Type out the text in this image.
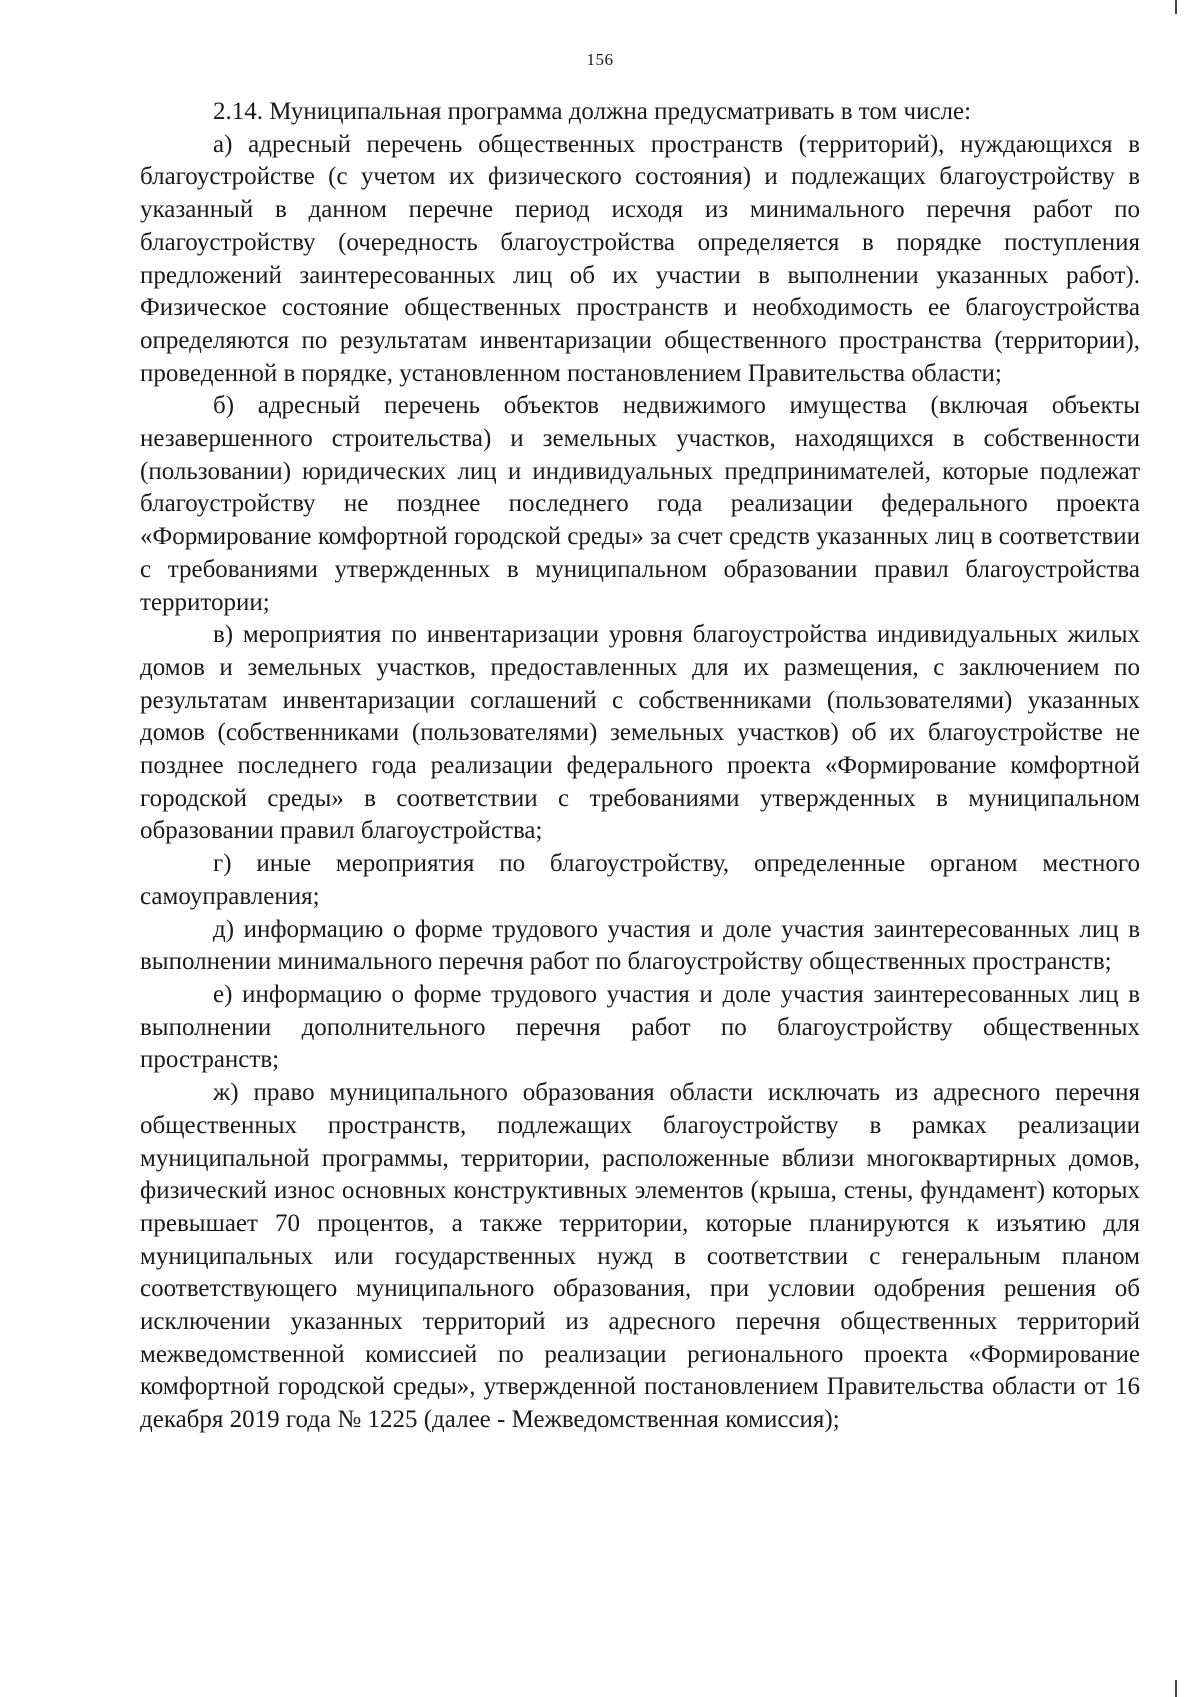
156

2.14. Муниципальная программа должна предусматривать в том числе:

а) адресный перечень общественных пространств (территорий), нуждающихся в благоустройстве (с учетом их физического состояния) и подлежащих благоустройству в указанный в данном перечне период исходя из минимального перечня работ по благоустройству (очередность благоустройства определяется в порядке поступления предложений заинтересованных лиц об их участии в выполнении указанных работ). Физическое состояние общественных пространств и необходимость ее благоустройства определяются по результатам инвентаризации общественного пространства (территории), проведенной в порядке, установленном постановлением Правительства области;

б) адресный перечень объектов недвижимого имущества (включая объекты незавершенного строительства) и земельных участков, находящихся в собственности (пользовании) юридических лиц и индивидуальных предпринимателей, которые подлежат благоустройству не позднее последнего года реализации федерального проекта «Формирование комфортной городской среды» за счет средств указанных лиц в соответствии с требованиями утвержденных в муниципальном образовании правил благоустройства территории;

в) мероприятия по инвентаризации уровня благоустройства индивидуальных жилых домов и земельных участков, предоставленных для их размещения, с заключением по результатам инвентаризации соглашений с собственниками (пользователями) указанных домов (собственниками (пользователями) земельных участков) об их благоустройстве не позднее последнего года реализации федерального проекта «Формирование комфортной городской среды» в соответствии с требованиями утвержденных в муниципальном образовании правил благоустройства;

г) иные мероприятия по благоустройству, определенные органом местного самоуправления;

д) информацию о форме трудового участия и доле участия заинтересованных лиц в выполнении минимального перечня работ по благоустройству общественных пространств;

е) информацию о форме трудового участия и доле участия заинтересованных лиц в выполнении дополнительного перечня работ по благоустройству общественных пространств;

ж) право муниципального образования области исключать из адресного перечня общественных пространств, подлежащих благоустройству в рамках реализации муниципальной программы, территории, расположенные вблизи многоквартирных домов, физический износ основных конструктивных элементов (крыша, стены, фундамент) которых превышает 70 процентов, а также территории, которые планируются к изъятию для муниципальных или государственных нужд в соответствии с генеральным планом соответствующего муниципального образования, при условии одобрения решения об исключении указанных территорий из адресного перечня общественных территорий межведомственной комиссией по реализации регионального проекта «Формирование комфортной городской среды», утвержденной постановлением Правительства области от 16 декабря 2019 года № 1225 (далее - Межведомственная комиссия);
